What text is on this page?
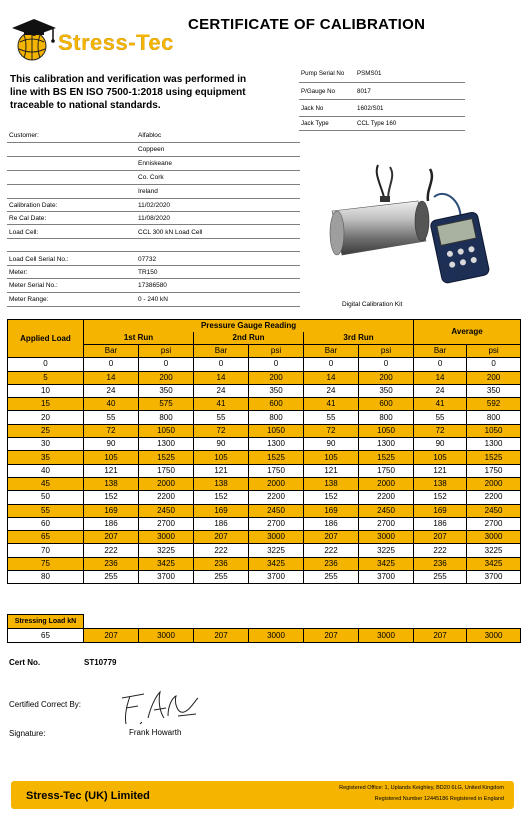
Stress-Tec
CERTIFICATE OF CALIBRATION
This calibration and verification was performed in line with BS EN ISO 7500-1:2018 using equipment traceable to national standards.
Pump Serial No PSMS01
P/Gauge No	8017
Jack No	1602/S01
Jack Type	CCL Type 160
Customer:	Alfabloc
Coppeen
Enniskeane
Co. Cork
Ireland
Calibration Date:	11/02/2020
Re Cal Date:	11/08/2020
Load Cell:	CCL 300 kN Load Cell
Load Cell Serial No.:	07732
Meter:	TR150
Meter Serial No.:	17386580
Meter Range:	0 - 240 kN
Digital Calibration Kit
Applied Load	Pressure Gauge Reading						Average	
	1st Run		2nd Run		3rd Run			
	Bar	psi	Bar	psi	Bar	psi	Bar	psi
0	0	0	0	0	0	0	0	0
5	14	200	14	200	14	200	14	200
10	24	350	24	350	24	350	24	350
15	40	575	41	600	41	600	41	592
20	55	800	55	800	55	800	55	800
25	72	1050	72	1050	72	1050	72	1050
30	90	1300	90	1300	90	1300	90	1300
35	105	1525	105	1525	105	1525	105	1525
40	121	1750	121	1750	121	1750	121	1750
45	138	2000	138	2000	138	2000	138	2000
50	152	2200	152	2200	152	2200	152	2200
55	169	2450	169	2450	169	2450	169	2450
60	186	2700	186	2700	186	2700	186	2700
65	207	3000	207	3000	207	3000	207	3000
70	222	3225	222	3225	222	3225	222	3225
75	236	3425	236	3425	236	3425	236	3425
80	255	3700	255	3700	255	3700	255	3700
Stressing Load kN								
65	207	3000	207	3000	207	3000	207	3000
Cert No.	ST10779
Certified Correct By:
Signature:	Frank Howarth
Stress-Tec (UK) Limited
Registered Office: 1, Uplands Keighley, BD20 6LG, United Kingdom
Registered Number 12445186 Registered in England
